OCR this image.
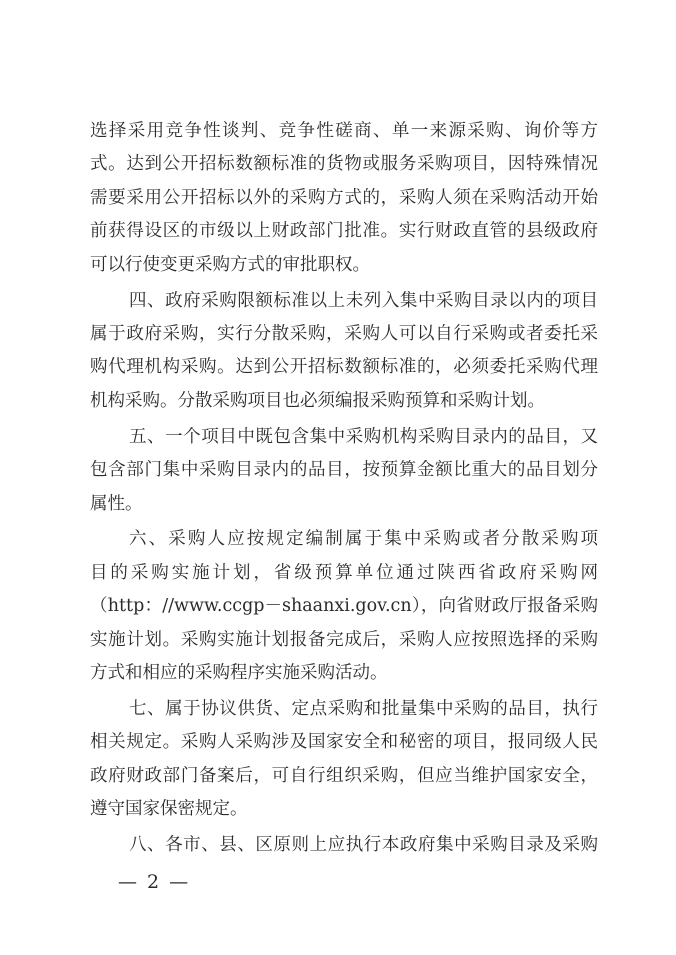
选择采用竞争性谈判、竞争性磋商、单一来源采购、询价等方
式。达到公开招标数额标准的货物或服务采购项目，因特殊情况
需要采用公开招标以外的采购方式的，采购人须在采购活动开始
前获得设区的市级以上财政部门批准。实行财政直管的县级政府
可以行使变更采购方式的审批职权。
四、政府采购限额标准以上未列入集中采购目录以内的项目
属于政府采购，实行分散采购，采购人可以自行采购或者委托采
购代理机构采购。达到公开招标数额标准的，必须委托采购代理
机构采购。分散采购项目也必须编报采购预算和采购计划。
五、一个项目中既包含集中采购机构采购目录内的品目，又
包含部门集中采购目录内的品目，按预算金额比重大的品目划分
属性。
六、采购人应按规定编制属于集中采购或者分散采购项
目的采购实施计划，省级预算单位通过陕西省政府采购网
（http：//www.ccgp－shaanxi.gov.cn），向省财政厅报备采购
实施计划。采购实施计划报备完成后，采购人应按照选择的采购
方式和相应的采购程序实施采购活动。
七、属于协议供货、定点采购和批量集中采购的品目，执行
相关规定。采购人采购涉及国家安全和秘密的项目，报同级人民
政府财政部门备案后，可自行组织采购，但应当维护国家安全，
遵守国家保密规定。
八、各市、县、区原则上应执行本政府集中采购目录及采购
— 2 —
